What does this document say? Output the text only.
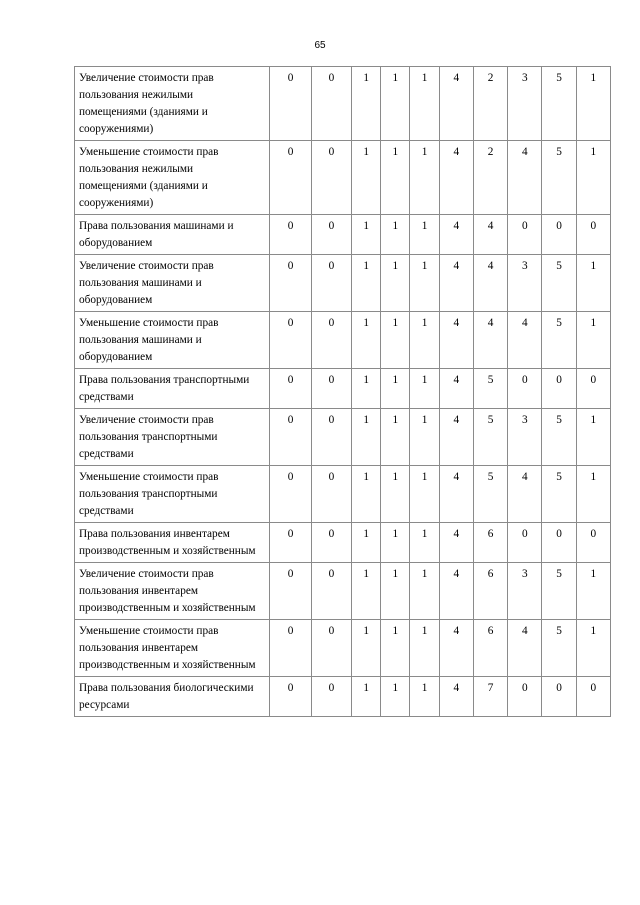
65
Увеличение стоимости прав пользования нежилыми помещениями (зданиями и сооружениями)	0	0	1	1	1	4	2	3	5	1
Уменьшение стоимости прав пользования нежилыми помещениями (зданиями и сооружениями)	0	0	1	1	1	4	2	4	5	1
Права пользования машинами и оборудованием	0	0	1	1	1	4	4	0	0	0
Увеличение стоимости прав пользования машинами и оборудованием	0	0	1	1	1	4	4	3	5	1
Уменьшение стоимости прав пользования машинами и оборудованием	0	0	1	1	1	4	4	4	5	1
Права пользования транспортными средствами	0	0	1	1	1	4	5	0	0	0
Увеличение стоимости прав пользования транспортными средствами	0	0	1	1	1	4	5	3	5	1
Уменьшение стоимости прав пользования транспортными средствами	0	0	1	1	1	4	5	4	5	1
Права пользования инвентарем производственным и хозяйственным	0	0	1	1	1	4	6	0	0	0
Увеличение стоимости прав пользования инвентарем производственным и хозяйственным	0	0	1	1	1	4	6	3	5	1
Уменьшение стоимости прав пользования инвентарем производственным и хозяйственным	0	0	1	1	1	4	6	4	5	1
Права пользования биологическими ресурсами	0	0	1	1	1	4	7	0	0	0
